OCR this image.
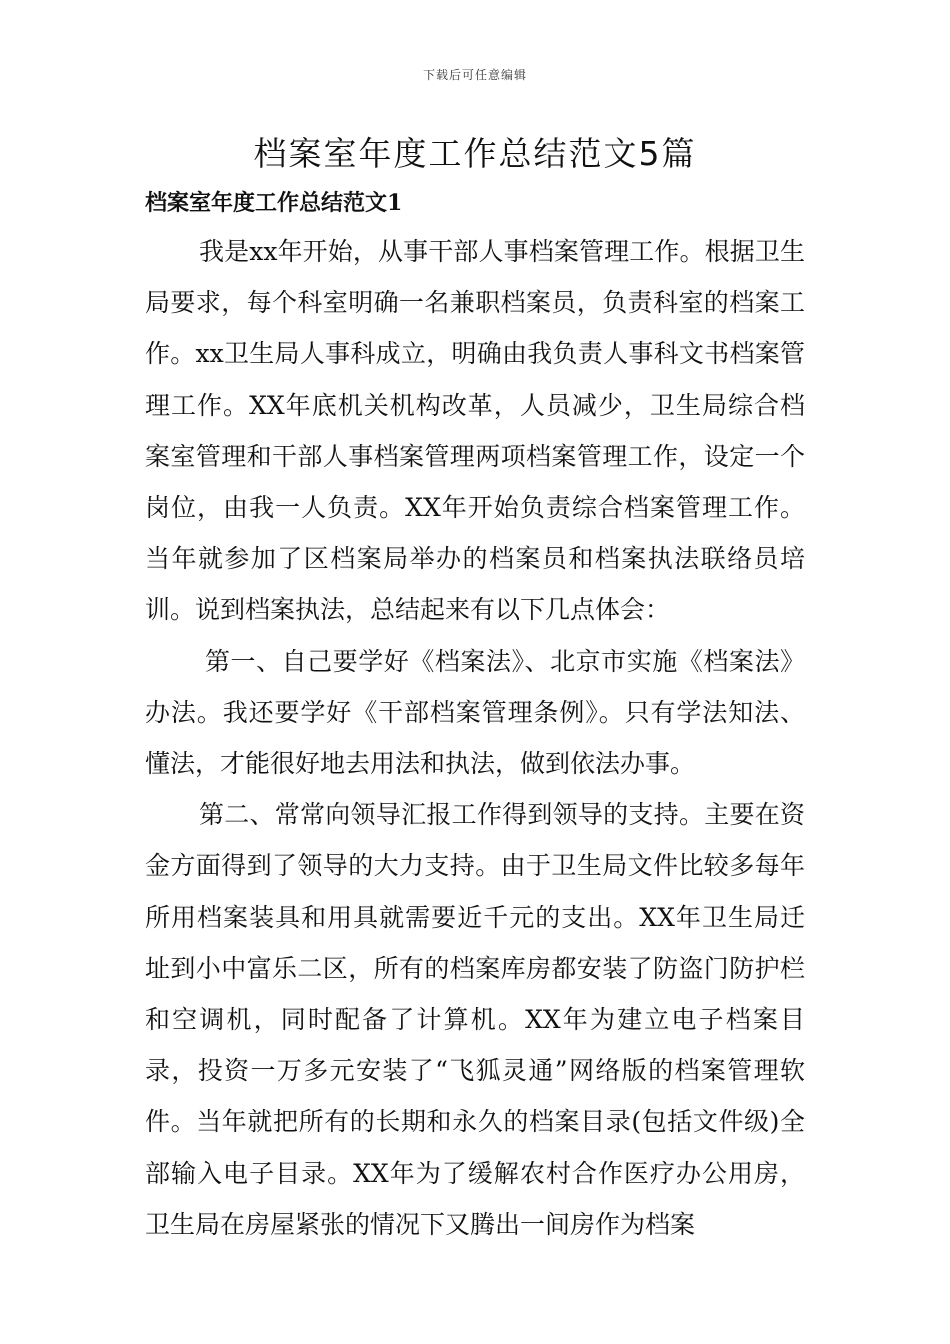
下载后可任意编辑
档案室年度工作总结范文5篇
档案室年度工作总结范文1

我是xx年开始，从事干部人事档案管理工作。根据卫生局要求，每个科室明确一名兼职档案员，负责科室的档案工作。xx卫生局人事科成立，明确由我负责人事科文书档案管理工作。XX年底机关机构改革，人员减少，卫生局综合档案室管理和干部人事档案管理两项档案管理工作，设定一个岗位，由我一人负责。XX年开始负责综合档案管理工作。当年就参加了区档案局举办的档案员和档案执法联络员培训。说到档案执法，总结起来有以下几点体会：

第一、自己要学好《档案法》、北京市实施《档案法》办法。我还要学好《干部档案管理条例》。只有学法知法、懂法，才能很好地去用法和执法，做到依法办事。

第二、常常向领导汇报工作得到领导的支持。主要在资金方面得到了领导的大力支持。由于卫生局文件比较多每年所用档案装具和用具就需要近千元的支出。XX年卫生局迁址到小中富乐二区，所有的档案库房都安装了防盗门防护栏和空调机，同时配备了计算机。XX年为建立电子档案目录，投资一万多元安装了“飞狐灵通”网络版的档案管理软件。当年就把所有的长期和永久的档案目录(包括文件级)全部输入电子目录。XX年为了缓解农村合作医疗办公用房，卫生局在房屋紧张的情况下又腾出一间房作为档案
